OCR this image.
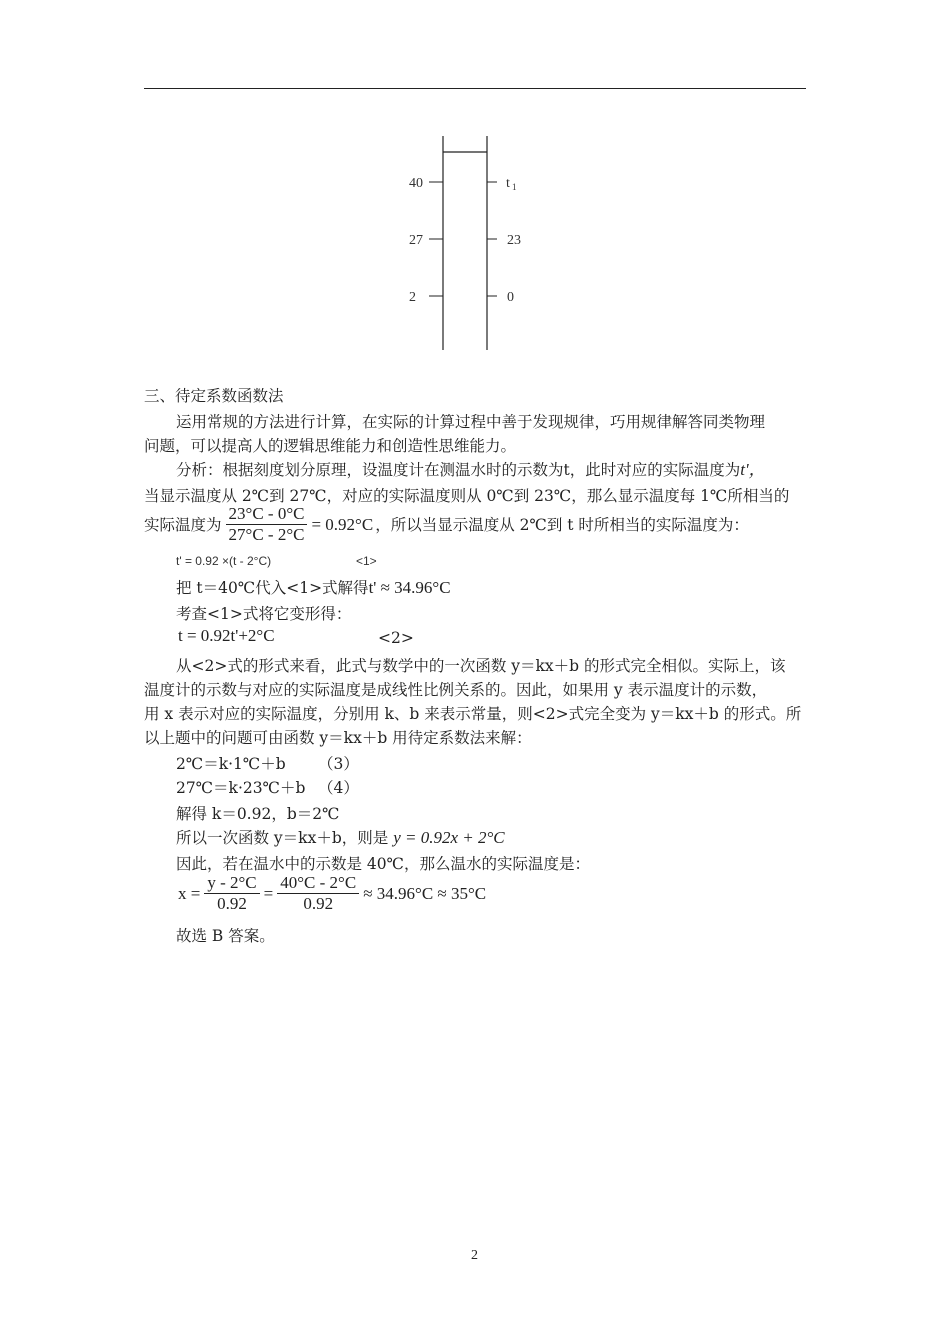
40
27
2
t 1
23
0
三、待定系数函数法
运用常规的方法进行计算，在实际的计算过程中善于发现规律，巧用规律解答同类物理
问题，可以提高人的逻辑思维能力和创造性思维能力。
分析：根据刻度划分原理，设温度计在测温水时的示数为t，此时对应的实际温度为t'，
当显示温度从 2℃到 27℃，对应的实际温度则从 0℃到 23℃，那么显示温度每 1℃所相当的
实际温度为 $\frac{23^\circ C - 0^\circ C}{27^\circ C - 2^\circ C} = 0.92^\circ C$ ，所以当显示温度从 2℃到 t 时所相当的实际温度为：
t' = 0.92 ×(t - 2°C)	<1>
把 t＝40℃代入<1>式解得t' ≈ 34.96°C
考查<1>式将它变形得：
t = 0.92t'+2°C	<2>
从<2>式的形式来看，此式与数学中的一次函数 y＝kx＋b 的形式完全相似。实际上，该
温度计的示数与对应的实际温度是成线性比例关系的。因此，如果用 y 表示温度计的示数，
用 x 表示对应的实际温度，分别用 k、b 来表示常量，则<2>式完全变为 y＝kx＋b 的形式。所
以上题中的问题可由函数 y＝kx＋b 用待定系数法来解：
2℃＝k·1℃＋b （3）
27℃＝k·23℃＋b （4）
解得 k＝0.92，b＝2℃
所以一次函数 y＝kx＋b，则是 y = 0.92x + 2°C
因此，若在温水中的示数是 40℃，那么温水的实际温度是：
$x = \frac{y - 2^\circ C}{0.92} = \frac{40^\circ C - 2^\circ C}{0.92} \approx 34.96^\circ C \approx 35^\circ C$
故选 B 答案。
2
